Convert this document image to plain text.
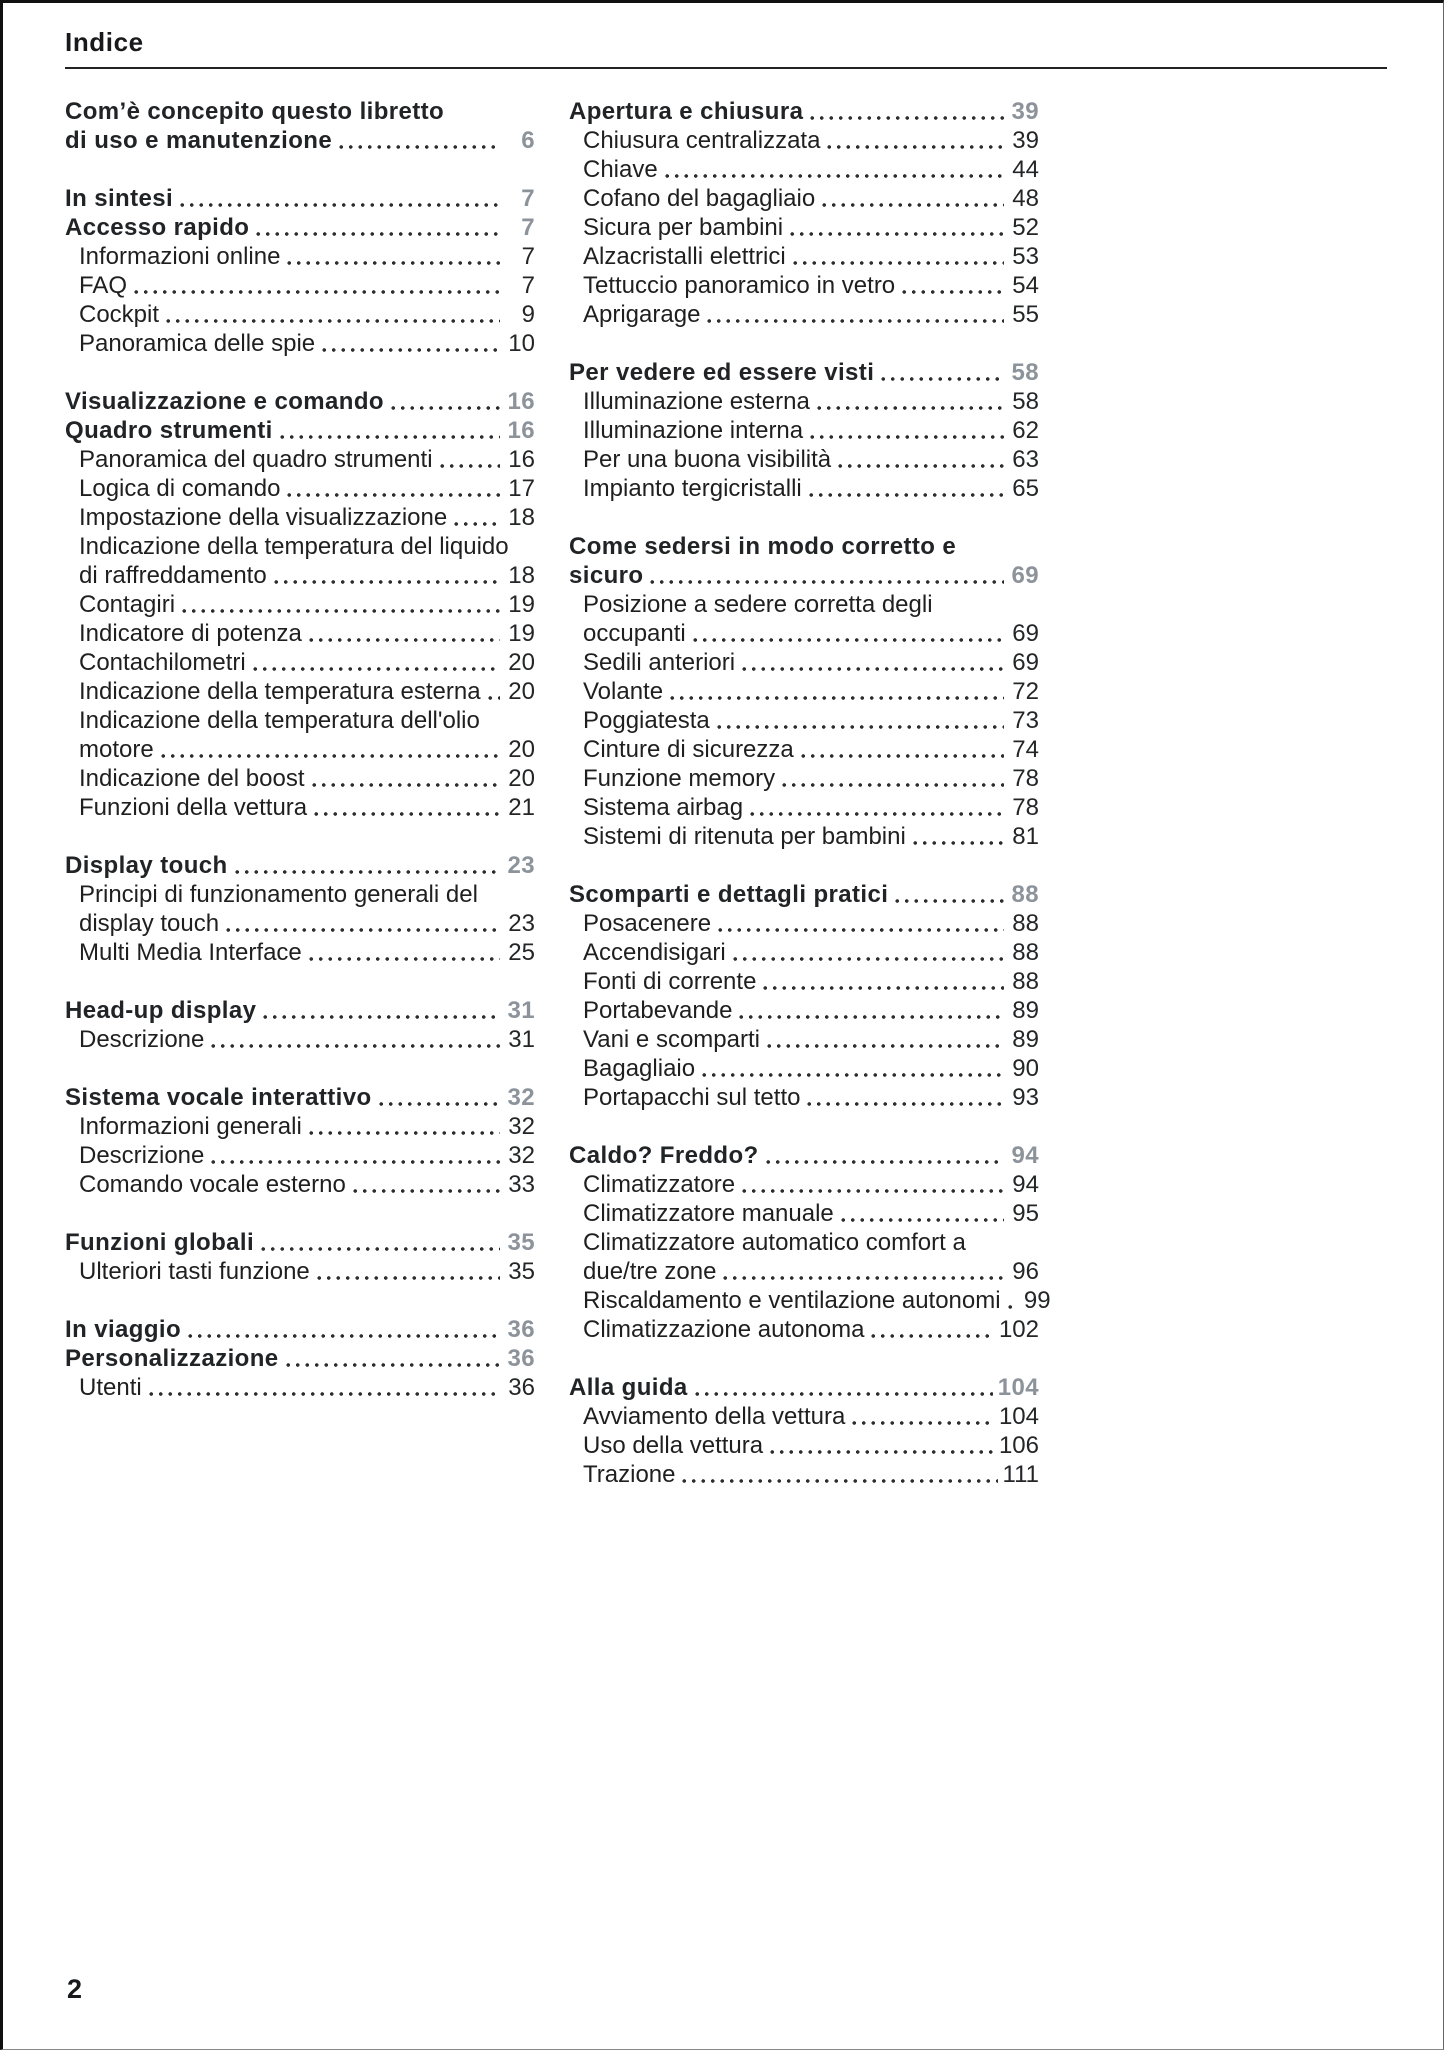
Indice
Com’è concepito questo libretto
di uso e manutenzione	6
In sintesi	7
Accesso rapido	7
Informazioni online	7
FAQ	7
Cockpit	9
Panoramica delle spie	10
Visualizzazione e comando	16
Quadro strumenti	16
Panoramica del quadro strumenti	16
Logica di comando	17
Impostazione della visualizzazione	18
Indicazione della temperatura del liquido
di raffreddamento	18
Contagiri	19
Indicatore di potenza	19
Contachilometri	20
Indicazione della temperatura esterna 20
Indicazione della temperatura dell'olio
motore	20
Indicazione del boost	20
Funzioni della vettura	21
Display touch	23
Principi di funzionamento generali del
display touch	23
Multi Media Interface	25
Head-up display	31
Descrizione	31
Sistema vocale interattivo	32
Informazioni generali	32
Descrizione	32
Comando vocale esterno	33
Funzioni globali	35
Ulteriori tasti funzione	35
In viaggio	36
Personalizzazione	36
Utenti	36
Apertura e chiusura	39
Chiusura centralizzata	39
Chiave	44
Cofano del bagagliaio	48
Sicura per bambini	52
Alzacristalli elettrici	53
Tettuccio panoramico in vetro	54
Aprigarage	55
Per vedere ed essere visti	58
Illuminazione esterna	58
Illuminazione interna	62
Per una buona visibilità	63
Impianto tergicristalli	65
Come sedersi in modo corretto e
sicuro	69
Posizione a sedere corretta degli
occupanti	69
Sedili anteriori	69
Volante	72
Poggiatesta	73
Cinture di sicurezza	74
Funzione memory	78
Sistema airbag	78
Sistemi di ritenuta per bambini	81
Scomparti e dettagli pratici	88
Posacenere	88
Accendisigari	88
Fonti di corrente	88
Portabevande	89
Vani e scomparti	89
Bagagliaio	90
Portapacchi sul tetto	93
Caldo? Freddo?	94
Climatizzatore	94
Climatizzatore manuale	95
Climatizzatore automatico comfort a
due/tre zone	96
Riscaldamento e ventilazione autonomi 99
Climatizzazione autonoma	102
Alla guida	104
Avviamento della vettura	104
Uso della vettura	106
Trazione	111
2
